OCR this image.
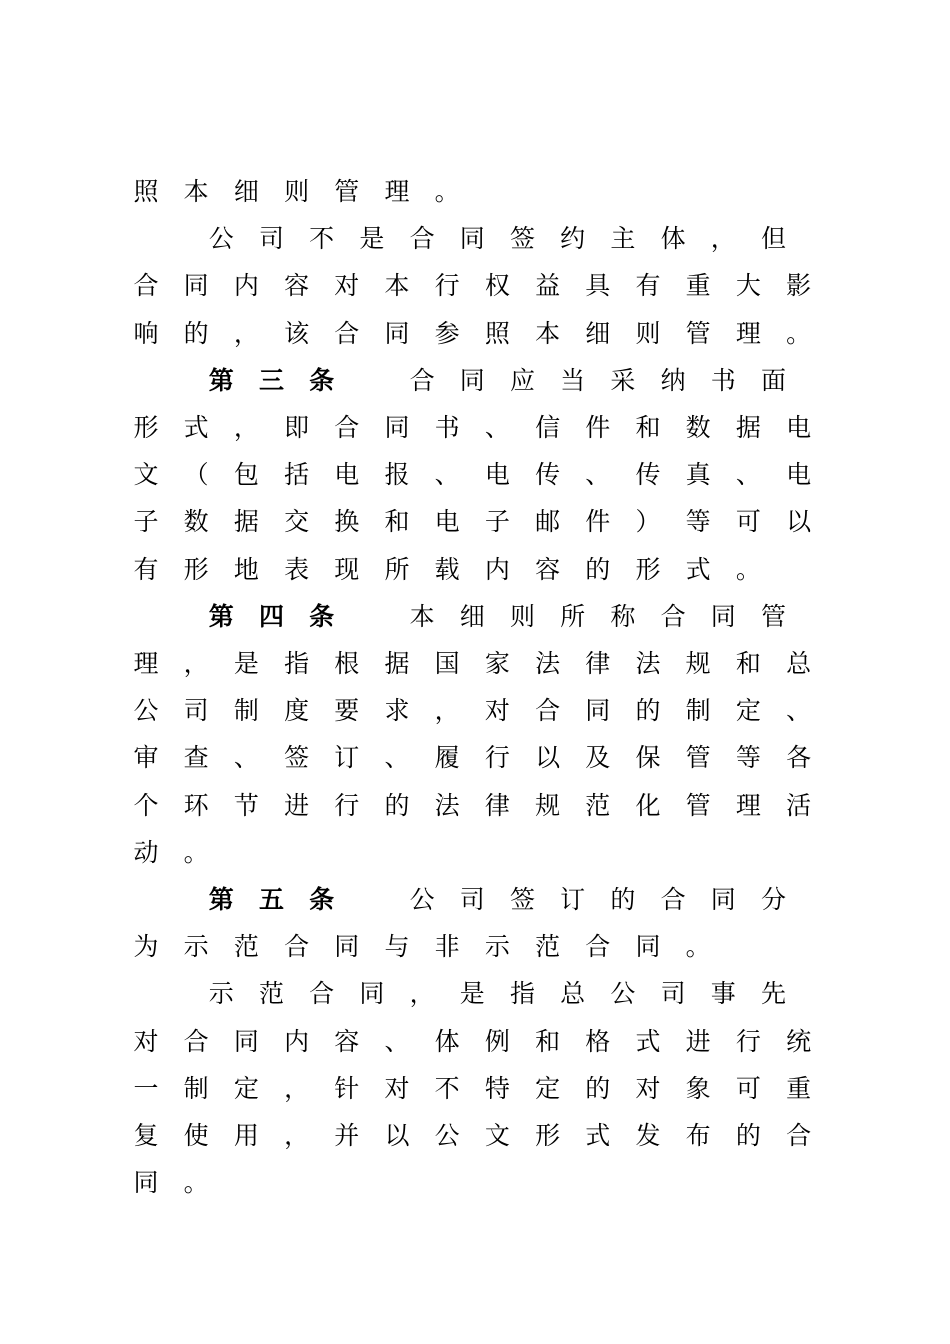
照 本 细 则 管 理 。
公 司 不 是 合 同 签 约 主 体 ， 但
合 同 内 容 对 本 行 权 益 具 有 重 大 影
响 的 ， 该 合 同 参 照 本 细 则 管 理 。
第 三 条	合 同 应 当 采 纳 书 面
形 式 ， 即 合 同 书 、 信 件 和 数 据 电
文 （ 包 括 电 报 、 电 传 、 传 真 、 电
子 数 据 交 换 和 电 子 邮 件 ） 等 可 以
有 形 地 表 现 所 载 内 容 的 形 式 。
第 四 条	本 细 则 所 称 合 同 管
理 ， 是 指 根 据 国 家 法 律 法 规 和 总
公 司 制 度 要 求 ， 对 合 同 的 制 定 、
审 查 、 签 订 、 履 行 以 及 保 管 等 各
个 环 节 进 行 的 法 律 规 范 化 管 理 活
动 。
第 五 条	公 司 签 订 的 合 同 分
为 示 范 合 同 与 非 示 范 合 同 。
示 范 合 同 ， 是 指 总 公 司 事 先
对 合 同 内 容 、 体 例 和 格 式 进 行 统
一 制 定 ， 针 对 不 特 定 的 对 象 可 重
复 使 用 ， 并 以 公 文 形 式 发 布 的 合
同 。
